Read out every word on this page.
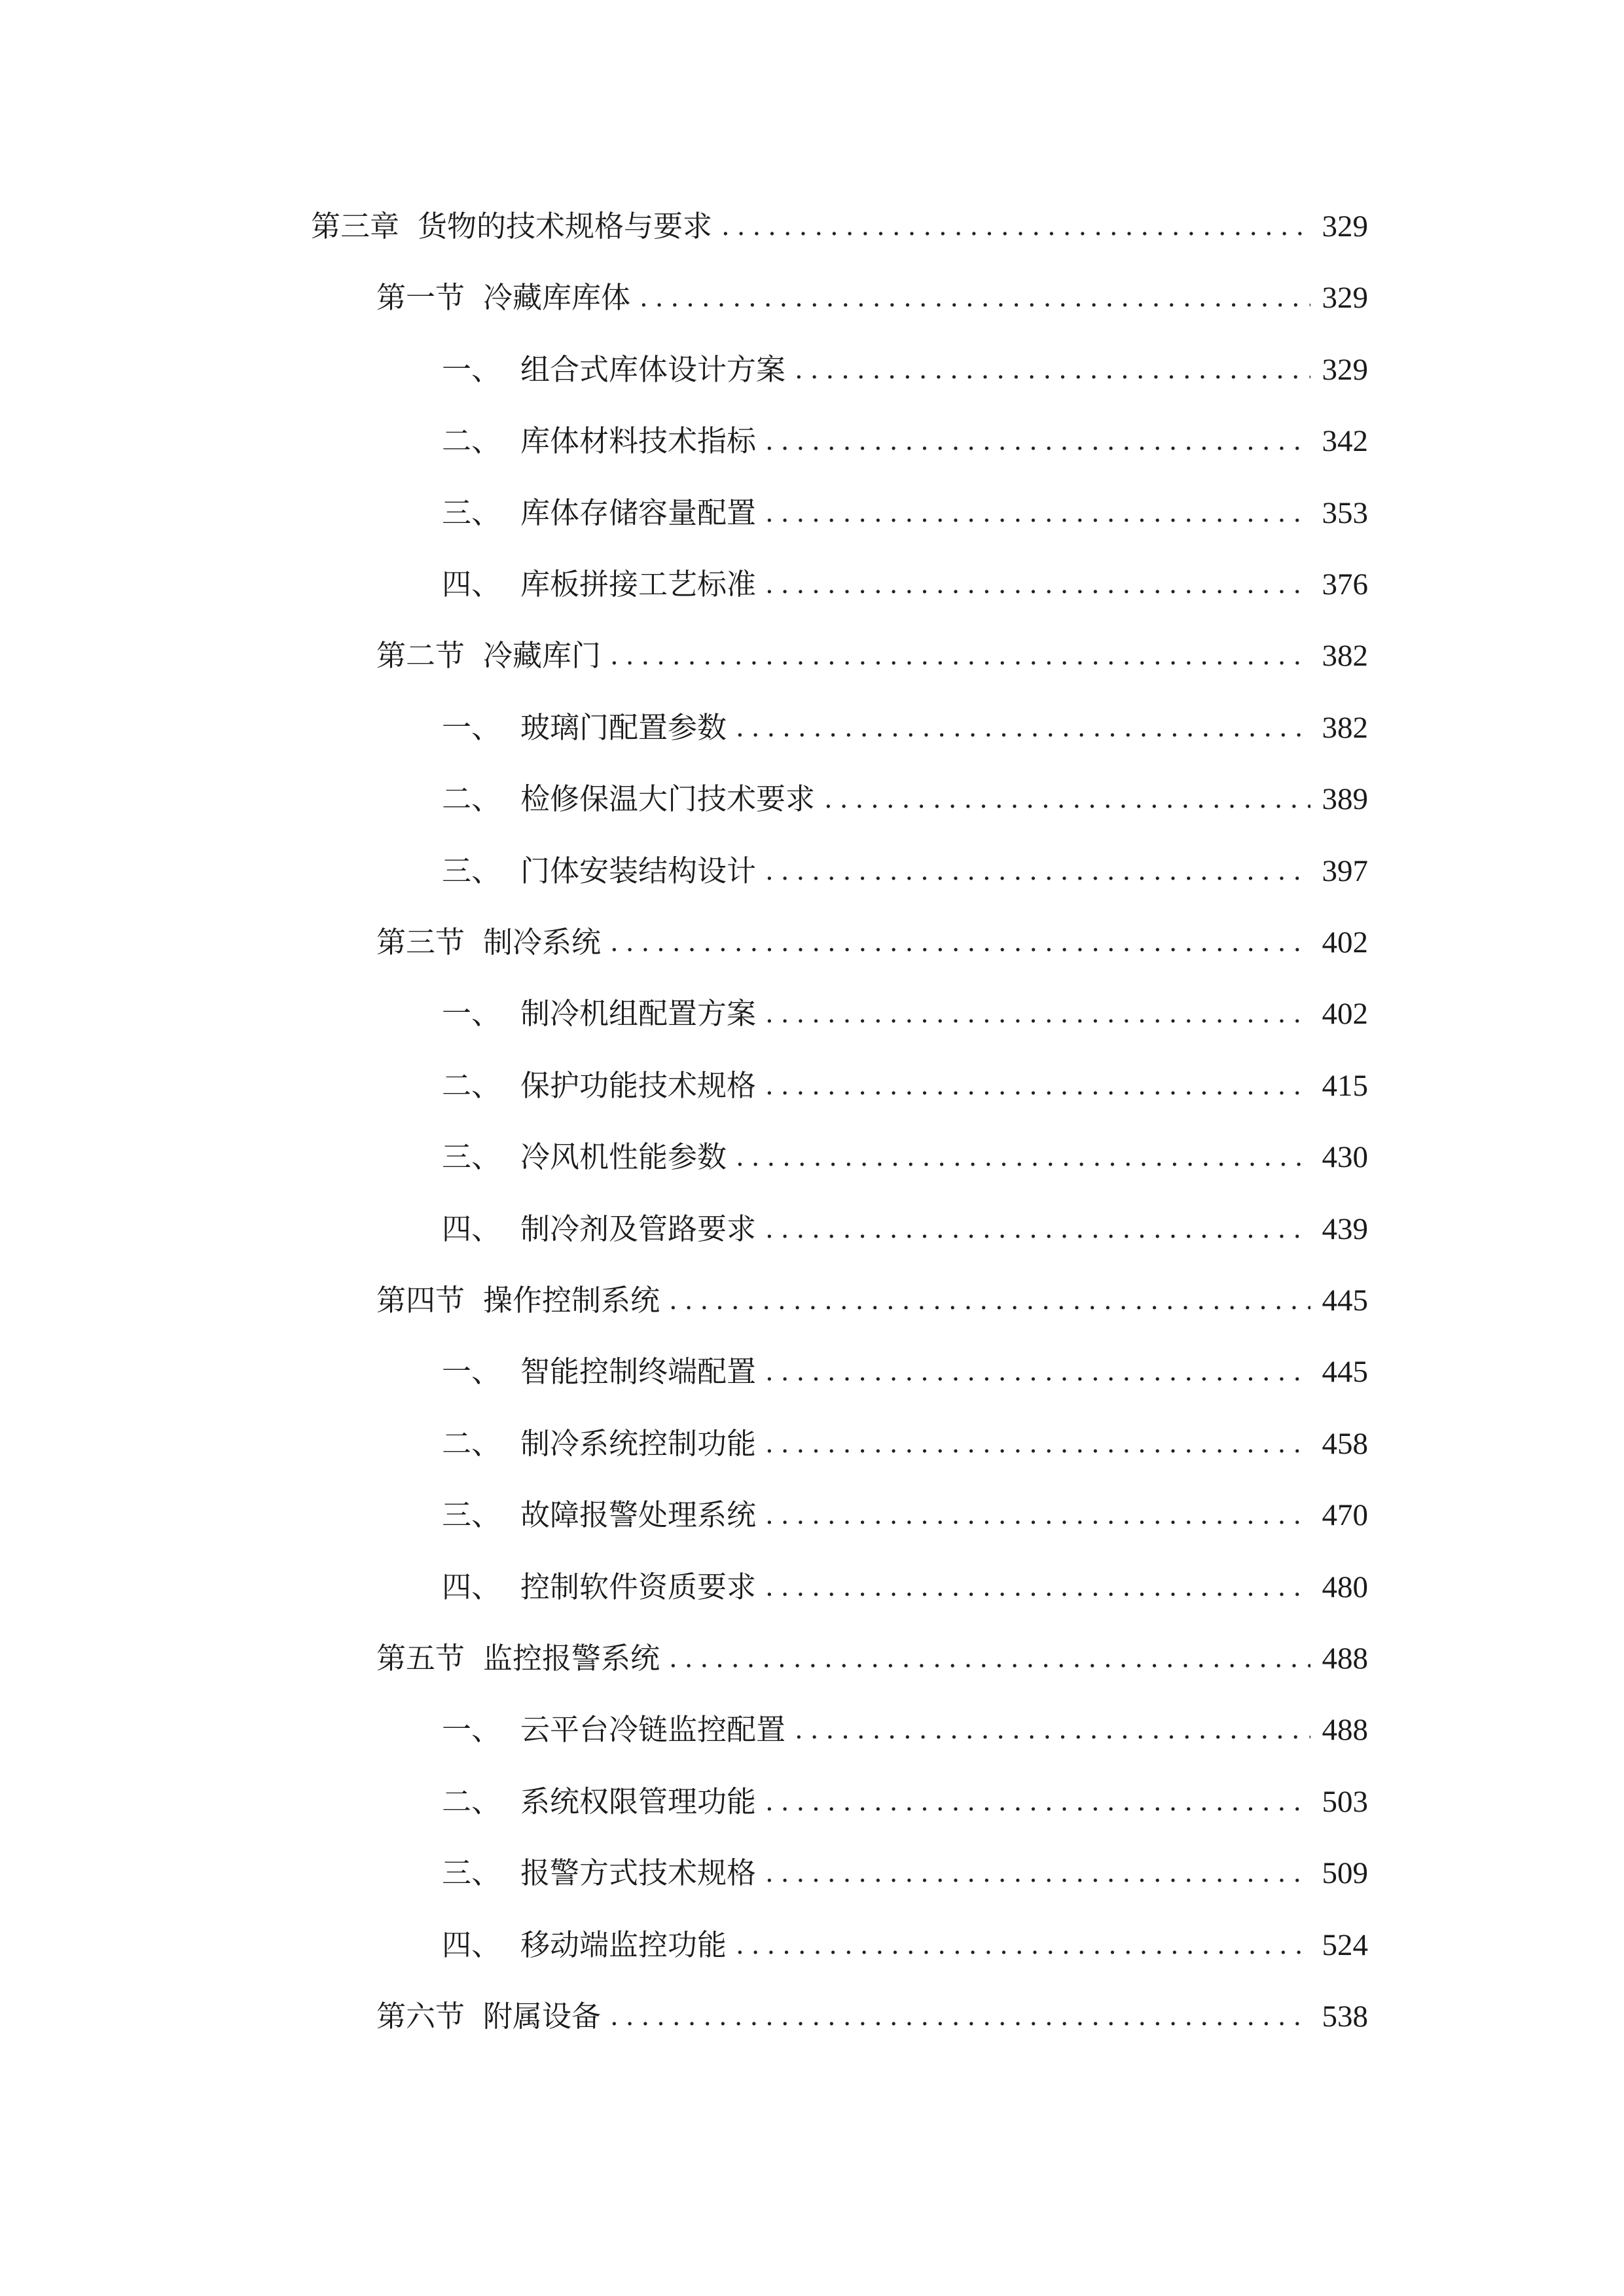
第三章 货物的技术规格与要求 .....	329
第一节 冷藏库库体 .....	329
一、 组合式库体设计方案 .....	329
二、 库体材料技术指标 .....	342
三、 库体存储容量配置 .....	353
四、 库板拼接工艺标准 .....	376
第二节 冷藏库门 .....	382
一、 玻璃门配置参数 .....	382
二、 检修保温大门技术要求 .....	389
三、 门体安装结构设计 .....	397
第三节 制冷系统 .....	402
一、 制冷机组配置方案 .....	402
二、 保护功能技术规格 .....	415
三、 冷风机性能参数 .....	430
四、 制冷剂及管路要求 .....	439
第四节 操作控制系统 .....	445
一、 智能控制终端配置 .....	445
二、 制冷系统控制功能 .....	458
三、 故障报警处理系统 .....	470
四、 控制软件资质要求 .....	480
第五节 监控报警系统 .....	488
一、 云平台冷链监控配置 .....	488
二、 系统权限管理功能 .....	503
三、 报警方式技术规格 .....	509
四、 移动端监控功能 .....	524
第六节 附属设备 .....	538
